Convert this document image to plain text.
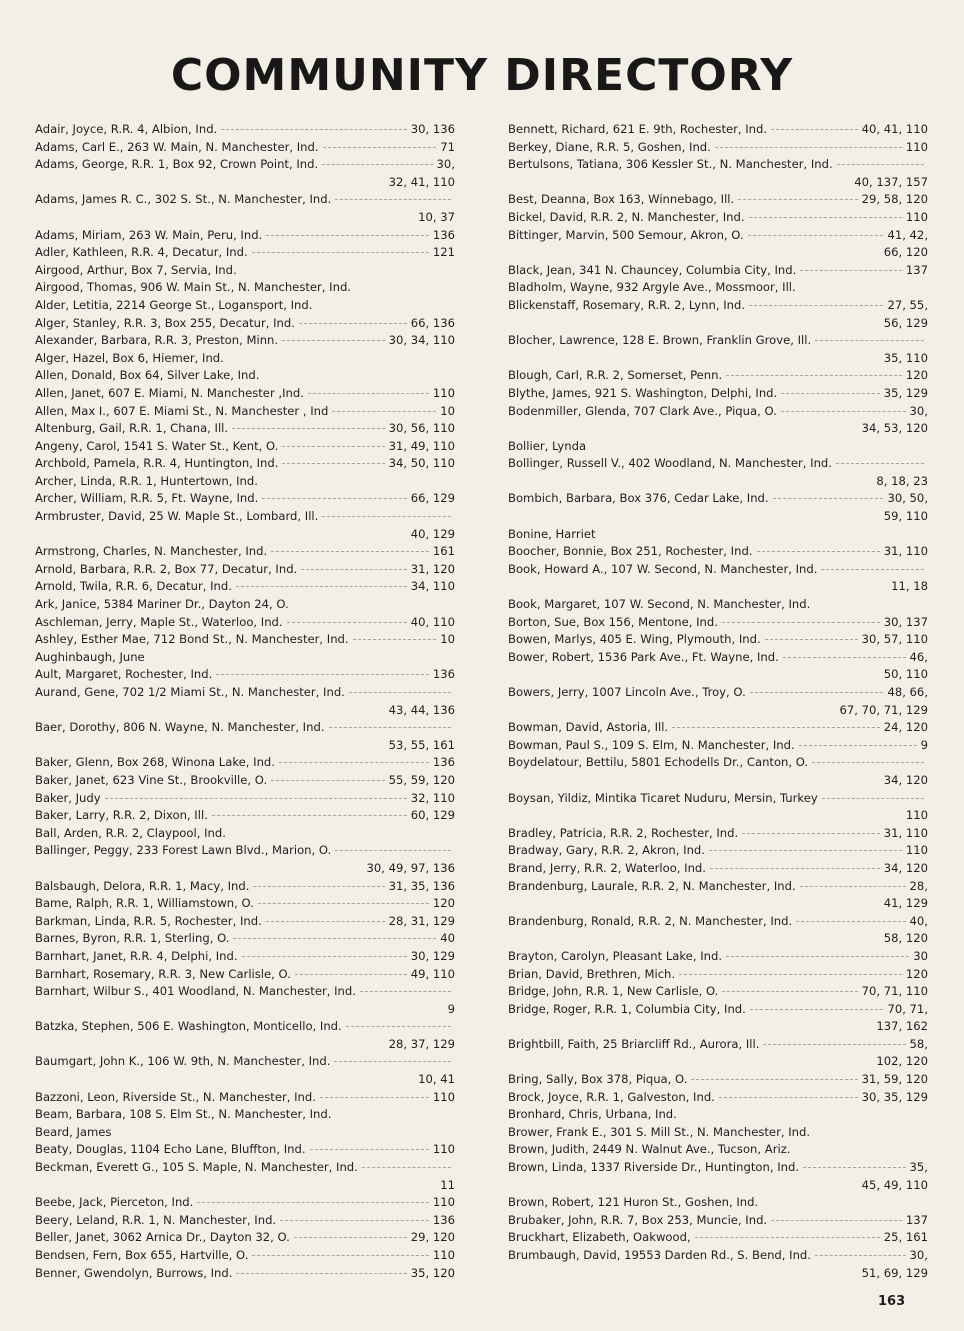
COMMUNITY DIRECTORY
Adair, Joyce, R.R. 4, Albion, Ind.	30, 136
Adams, Carl E., 263 W. Main, N. Manchester, Ind.	71
Adams, George, R.R. 1, Box 92, Crown Point, Ind.	30,
32, 41, 110
Adams, James R. C., 302 S. St., N. Manchester, Ind.
10, 37
Adams, Miriam, 263 W. Main, Peru, Ind.	136
Adler, Kathleen, R.R. 4, Decatur, Ind.	121
Airgood, Arthur, Box 7, Servia, Ind.
Airgood, Thomas, 906 W. Main St., N. Manchester, Ind.
Alder, Letitia, 2214 George St., Logansport, Ind.
Alger, Stanley, R.R. 3, Box 255, Decatur, Ind.	66, 136
Alexander, Barbara, R.R. 3, Preston, Minn.	30, 34, 110
Alger, Hazel, Box 6, Hiemer, Ind.
Allen, Donald, Box 64, Silver Lake, Ind.
Allen, Janet, 607 E. Miami, N. Manchester ,Ind.	110
Allen, Max I., 607 E. Miami St., N. Manchester , Ind	10
Altenburg, Gail, R.R. 1, Chana, Ill.	30, 56, 110
Angeny, Carol, 1541 S. Water St., Kent, O.	31, 49, 110
Archbold, Pamela, R.R. 4, Huntington, Ind.	34, 50, 110
Archer, Linda, R.R. 1, Huntertown, Ind.
Archer, William, R.R. 5, Ft. Wayne, Ind.	66, 129
Armbruster, David, 25 W. Maple St., Lombard, Ill.
40, 129
Armstrong, Charles, N. Manchester, Ind.	161
Arnold, Barbara, R.R. 2, Box 77, Decatur, Ind.	31, 120
Arnold, Twila, R.R. 6, Decatur, Ind.	34, 110
Ark, Janice, 5384 Mariner Dr., Dayton 24, O.
Aschleman, Jerry, Maple St., Waterloo, Ind.	40, 110
Ashley, Esther Mae, 712 Bond St., N. Manchester, Ind.	10
Aughinbaugh, June
Ault, Margaret, Rochester, Ind.	136
Aurand, Gene, 702 1/2 Miami St., N. Manchester, Ind.
43, 44, 136
Baer, Dorothy, 806 N. Wayne, N. Manchester, Ind.
53, 55, 161
Baker, Glenn, Box 268, Winona Lake, Ind.	136
Baker, Janet, 623 Vine St., Brookville, O.	55, 59, 120
Baker, Judy	32, 110
Baker, Larry, R.R. 2, Dixon, Ill.	60, 129
Ball, Arden, R.R. 2, Claypool, Ind.
Ballinger, Peggy, 233 Forest Lawn Blvd., Marion, O.
30, 49, 97, 136
Balsbaugh, Delora, R.R. 1, Macy, Ind.	31, 35, 136
Bame, Ralph, R.R. 1, Williamstown, O.	120
Barkman, Linda, R.R. 5, Rochester, Ind.	28, 31, 129
Barnes, Byron, R.R. 1, Sterling, O.	40
Barnhart, Janet, R.R. 4, Delphi, Ind.	30, 129
Barnhart, Rosemary, R.R. 3, New Carlisle, O.	49, 110
Barnhart, Wilbur S., 401 Woodland, N. Manchester, Ind.
9
Batzka, Stephen, 506 E. Washington, Monticello, Ind.
28, 37, 129
Baumgart, John K., 106 W. 9th, N. Manchester, Ind.
10, 41
Bazzoni, Leon, Riverside St., N. Manchester, Ind.	110
Beam, Barbara, 108 S. Elm St., N. Manchester, Ind.
Beard, James
Beaty, Douglas, 1104 Echo Lane, Bluffton, Ind.	110
Beckman, Everett G., 105 S. Maple, N. Manchester, Ind.
11
Beebe, Jack, Pierceton, Ind.	110
Beery, Leland, R.R. 1, N. Manchester, Ind.	136
Beller, Janet, 3062 Arnica Dr., Dayton 32, O.	29, 120
Bendsen, Fern, Box 655, Hartville, O.	110
Benner, Gwendolyn, Burrows, Ind.	35, 120
Bennett, Richard, 621 E. 9th, Rochester, Ind.	40, 41, 110
Berkey, Diane, R.R. 5, Goshen, Ind.	110
Bertulsons, Tatiana, 306 Kessler St., N. Manchester, Ind.
40, 137, 157
Best, Deanna, Box 163, Winnebago, Ill.	29, 58, 120
Bickel, David, R.R. 2, N. Manchester, Ind.	110
Bittinger, Marvin, 500 Semour, Akron, O.	41, 42,
66, 120
Black, Jean, 341 N. Chauncey, Columbia City, Ind.	137
Bladholm, Wayne, 932 Argyle Ave., Mossmoor, Ill.
Blickenstaff, Rosemary, R.R. 2, Lynn, Ind.	27, 55,
56, 129
Blocher, Lawrence, 128 E. Brown, Franklin Grove, Ill.
35, 110
Blough, Carl, R.R. 2, Somerset, Penn.	120
Blythe, James, 921 S. Washington, Delphi, Ind.	35, 129
Bodenmiller, Glenda, 707 Clark Ave., Piqua, O.	30,
34, 53, 120
Bollier, Lynda
Bollinger, Russell V., 402 Woodland, N. Manchester, Ind.
8, 18, 23
Bombich, Barbara, Box 376, Cedar Lake, Ind.	30, 50,
59, 110
Bonine, Harriet
Boocher, Bonnie, Box 251, Rochester, Ind.	31, 110
Book, Howard A., 107 W. Second, N. Manchester, Ind.
11, 18
Book, Margaret, 107 W. Second, N. Manchester, Ind.
Borton, Sue, Box 156, Mentone, Ind.	30, 137
Bowen, Marlys, 405 E. Wing, Plymouth, Ind.	30, 57, 110
Bower, Robert, 1536 Park Ave., Ft. Wayne, Ind.	46,
50, 110
Bowers, Jerry, 1007 Lincoln Ave., Troy, O.	48, 66,
67, 70, 71, 129
Bowman, David, Astoria, Ill.	24, 120
Bowman, Paul S., 109 S. Elm, N. Manchester, Ind.	9
Boydelatour, Bettilu, 5801 Echodells Dr., Canton, O.
34, 120
Boysan, Yildiz, Mintika Ticaret Nuduru, Mersin, Turkey
110
Bradley, Patricia, R.R. 2, Rochester, Ind.	31, 110
Bradway, Gary, R.R. 2, Akron, Ind.	110
Brand, Jerry, R.R. 2, Waterloo, Ind.	34, 120
Brandenburg, Laurale, R.R. 2, N. Manchester, Ind.	28,
41, 129
Brandenburg, Ronald, R.R. 2, N. Manchester, Ind.	40,
58, 120
Brayton, Carolyn, Pleasant Lake, Ind.	30
Brian, David, Brethren, Mich.	120
Bridge, John, R.R. 1, New Carlisle, O.	70, 71, 110
Bridge, Roger, R.R. 1, Columbia City, Ind.	70, 71,
137, 162
Brightbill, Faith, 25 Briarcliff Rd., Aurora, Ill.	58,
102, 120
Bring, Sally, Box 378, Piqua, O.	31, 59, 120
Brock, Joyce, R.R. 1, Galveston, Ind.	30, 35, 129
Bronhard, Chris, Urbana, Ind.
Brower, Frank E., 301 S. Mill St., N. Manchester, Ind.
Brown, Judith, 2449 N. Walnut Ave., Tucson, Ariz.
Brown, Linda, 1337 Riverside Dr., Huntington, Ind.	35,
45, 49, 110
Brown, Robert, 121 Huron St., Goshen, Ind.
Brubaker, John, R.R. 7, Box 253, Muncie, Ind.	137
Bruckhart, Elizabeth, Oakwood,	25, 161
Brumbaugh, David, 19553 Darden Rd., S. Bend, Ind.	30,
51, 69, 129
163
